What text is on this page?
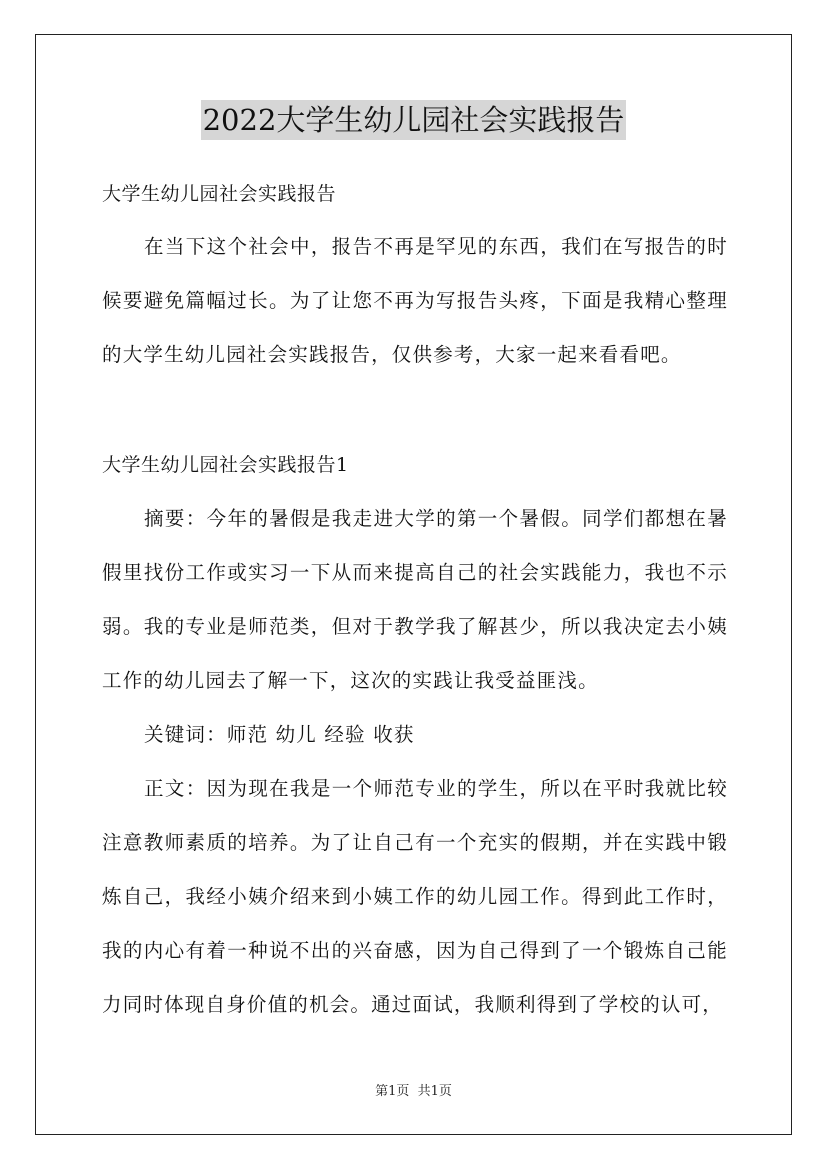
2022大学生幼儿园社会实践报告
大学生幼儿园社会实践报告

在当下这个社会中，报告不再是罕见的东西，我们在写报告的时候要避免篇幅过长。为了让您不再为写报告头疼，下面是我精心整理的大学生幼儿园社会实践报告，仅供参考，大家一起来看看吧。

大学生幼儿园社会实践报告1

摘要：今年的暑假是我走进大学的第一个暑假。同学们都想在暑假里找份工作或实习一下从而来提高自己的社会实践能力，我也不示弱。我的专业是师范类，但对于教学我了解甚少，所以我决定去小姨工作的幼儿园去了解一下，这次的实践让我受益匪浅。

关键词：师范 幼儿 经验 收获

正文：因为现在我是一个师范专业的学生，所以在平时我就比较注意教师素质的培养。为了让自己有一个充实的假期，并在实践中锻炼自己，我经小姨介绍来到小姨工作的幼儿园工作。得到此工作时，我的内心有着一种说不出的兴奋感，因为自己得到了一个锻炼自己能力同时体现自身价值的机会。通过面试，我顺利得到了学校的认可，

第1页  共1页
